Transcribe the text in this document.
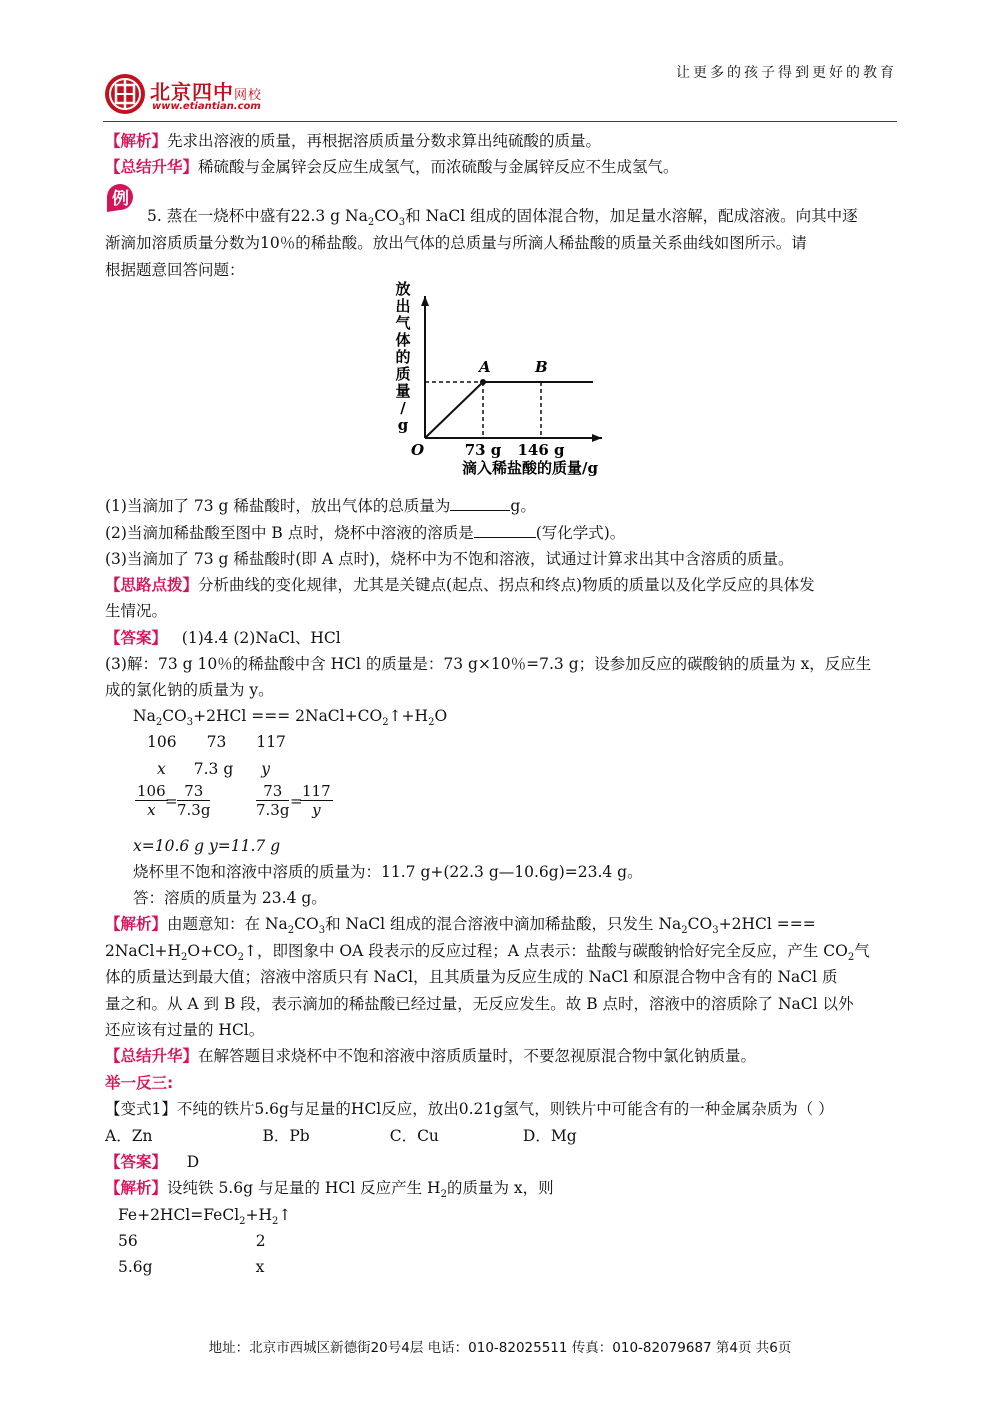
让更多的孩子得到更好的教育
北京四中网校
www.etiantian.com
【解析】先求出溶液的质量，再根据溶质质量分数求算出纯硫酸的质量。
【总结升华】稀硫酸与金属锌会反应生成氢气，而浓硫酸与金属锌反应不生成氢气。
例
5. 蒸在一烧杯中盛有22.3 g $Na_2CO_3$和 NaCl 组成的固体混合物，加足量水溶解，配成溶液。向其中逐
渐滴加溶质质量分数为10％的稀盐酸。放出气体的总质量与所滴人稀盐酸的质量关系曲线如图所示。请
根据题意回答问题：
放
出
气
体
的
质
量
/
g
滴入稀盐酸的质量/g
O
A	B
73 g 146 g
(1)当滴加了 73 g 稀盐酸时，放出气体的总质量为	g。
(2)当滴加稀盐酸至图中 B 点时，烧杯中溶液的溶质是	(写化学式)。
(3)当滴加了 73 g 稀盐酸时(即 A 点时)，烧杯中为不饱和溶液，试通过计算求出其中含溶质的质量。
【思路点拨】分析曲线的变化规律，尤其是关键点(起点、拐点和终点)物质的质量以及化学反应的具体发
生情况。
【答案】 (1)4.4 (2)NaCl、HCl
(3)解：73 g 10％的稀盐酸中含 HCl 的质量是：73 g×10％=7.3 g；设参加反应的碳酸钠的质量为 x，反应生
成的氯化钠的质量为 y。
$Na_2CO_3+2HCl$ === $2NaCl+CO_2↑+H_2O$
106 73 117
x 7.3 g y
$\frac{106}{x}$
= $\frac{73}{7.3g}$	$\frac{73}{7.3g}$ =
$\frac{117}{y}$
x=10.6 g y=11.7 g
烧杯里不饱和溶液中溶质的质量为：11.7 g+(22.3 g—10.6g)=23.4 g。
答：溶质的质量为 23.4 g。
【解析】由题意知：在 $Na_2CO_3$和 NaCl 组成的混合溶液中滴加稀盐酸，只发生 $Na_2CO_3+2HCl$ ===
$2NaCl+H_2O+CO_2↑$，即图象中 OA 段表示的反应过程；A 点表示：盐酸与碳酸钠恰好完全反应，产生 $CO_2$气
体的质量达到最大值；溶液中溶质只有 NaCl，且其质量为反应生成的 NaCl 和原混合物中含有的 NaCl 质
量之和。从 A 到 B 段，表示滴加的稀盐酸已经过量，无反应发生。故 B 点时，溶液中的溶质除了 NaCl 以外
还应该有过量的 HCl。
【总结升华】在解答题目求烧杯中不饱和溶液中溶质质量时，不要忽视原混合物中氯化钠质量。
举一反三:
【变式1】不纯的铁片5.6g与足量的HCl反应，放出0.21g氢气，则铁片中可能含有的一种金属杂质为（ ）
A．Zn	B．Pb	C．Cu	D．Mg
【答案】 D
【解析】设纯铁 5.6g 与足量的 HCl 反应产生 $H_2$的质量为 x，则
$Fe+2HCl=FeCl_2+H_2↑$
56	2
5.6g	x
地址：北京市西城区新德街20号4层 电话：010-82025511 传真：010-82079687 第4页 共6页
